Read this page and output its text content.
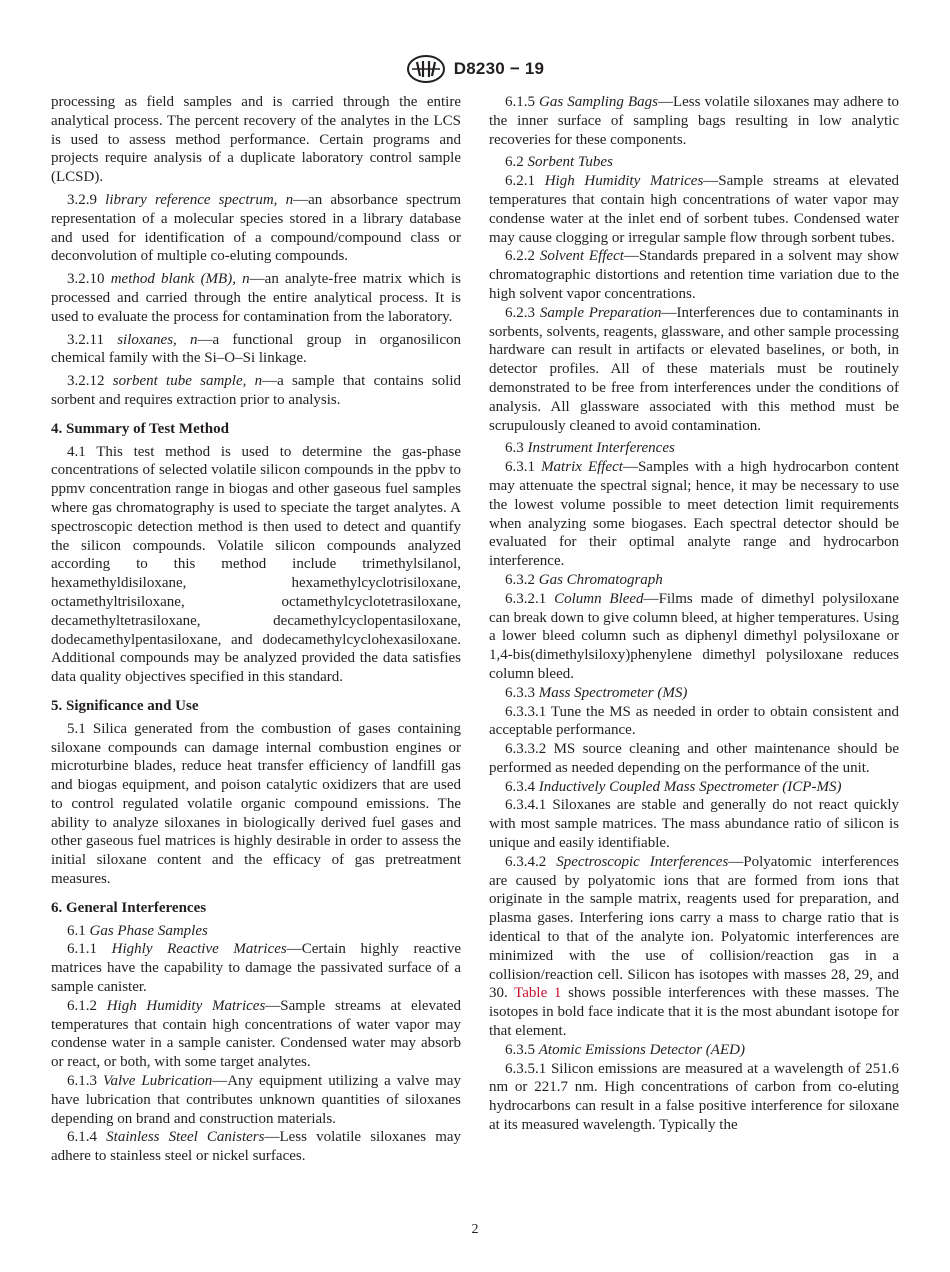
D8230 − 19

processing as field samples and is carried through the entire analytical process. The percent recovery of the analytes in the LCS is used to assess method performance. Certain programs and projects require analysis of a duplicate laboratory control sample (LCSD).

3.2.9 library reference spectrum, n—an absorbance spectrum representation of a molecular species stored in a library database and used for identification of a compound/compound class or deconvolution of multiple co-eluting compounds.

3.2.10 method blank (MB), n—an analyte-free matrix which is processed and carried through the entire analytical process. It is used to evaluate the process for contamination from the laboratory.

3.2.11 siloxanes, n—a functional group in organosilicon chemical family with the Si–O–Si linkage.

3.2.12 sorbent tube sample, n—a sample that contains solid sorbent and requires extraction prior to analysis.

4. Summary of Test Method

4.1 This test method is used to determine the gas-phase concentrations of selected volatile silicon compounds in the ppbv to ppmv concentration range in biogas and other gaseous fuel samples where gas chromatography is used to speciate the target analytes. A spectroscopic detection method is then used to detect and quantify the silicon compounds. Volatile silicon compounds analyzed according to this method include trimethylsilanol, hexamethyldisiloxane, hexamethylcyclotrisiloxane, octamethyltrisiloxane, octamethylcyclotetrasiloxane, decamethyltetrasiloxane, decamethylcyclopentasiloxane, dodecamethylpentasiloxane, and dodecamethylcyclohexasiloxane. Additional compounds may be analyzed provided the data satisfies data quality objectives specified in this standard.

5. Significance and Use

5.1 Silica generated from the combustion of gases containing siloxane compounds can damage internal combustion engines or microturbine blades, reduce heat transfer efficiency of landfill gas and biogas equipment, and poison catalytic oxidizers that are used to control regulated volatile organic compound emissions. The ability to analyze siloxanes in biologically derived fuel gases and other gaseous fuel matrices is highly desirable in order to assess the initial siloxane content and the efficacy of gas pretreatment measures.

6. General Interferences

6.1 Gas Phase Samples

6.1.1 Highly Reactive Matrices—Certain highly reactive matrices have the capability to damage the passivated surface of a sample canister.

6.1.2 High Humidity Matrices—Sample streams at elevated temperatures that contain high concentrations of water vapor may condense water in a sample canister. Condensed water may absorb or react, or both, with some target analytes.

6.1.3 Valve Lubrication—Any equipment utilizing a valve may have lubrication that contributes unknown quantities of siloxanes depending on brand and construction materials.

6.1.4 Stainless Steel Canisters—Less volatile siloxanes may adhere to stainless steel or nickel surfaces.

6.1.5 Gas Sampling Bags—Less volatile siloxanes may adhere to the inner surface of sampling bags resulting in low analytic recoveries for these components.

6.2 Sorbent Tubes

6.2.1 High Humidity Matrices—Sample streams at elevated temperatures that contain high concentrations of water vapor may condense water at the inlet end of sorbent tubes. Condensed water may cause clogging or irregular sample flow through sorbent tubes.

6.2.2 Solvent Effect—Standards prepared in a solvent may show chromatographic distortions and retention time variation due to the high solvent vapor concentrations.

6.2.3 Sample Preparation—Interferences due to contaminants in sorbents, solvents, reagents, glassware, and other sample processing hardware can result in artifacts or elevated baselines, or both, in detector profiles. All of these materials must be routinely demonstrated to be free from interferences under the conditions of analysis. All glassware associated with this method must be scrupulously cleaned to avoid contamination.

6.3 Instrument Interferences

6.3.1 Matrix Effect—Samples with a high hydrocarbon content may attenuate the spectral signal; hence, it may be necessary to use the lowest volume possible to meet detection limit requirements when analyzing some biogases. Each spectral detector should be evaluated for their optimal analyte range and hydrocarbon interference.

6.3.2 Gas Chromatograph

6.3.2.1 Column Bleed—Films made of dimethyl polysiloxane can break down to give column bleed, at higher temperatures. Using a lower bleed column such as diphenyl dimethyl polysiloxane or 1,4-bis(dimethylsiloxy)phenylene dimethyl polysiloxane reduces column bleed.

6.3.3 Mass Spectrometer (MS)

6.3.3.1 Tune the MS as needed in order to obtain consistent and acceptable performance.

6.3.3.2 MS source cleaning and other maintenance should be performed as needed depending on the performance of the unit.

6.3.4 Inductively Coupled Mass Spectrometer (ICP-MS)

6.3.4.1 Siloxanes are stable and generally do not react quickly with most sample matrices. The mass abundance ratio of silicon is unique and easily identifiable.

6.3.4.2 Spectroscopic Interferences—Polyatomic interferences are caused by polyatomic ions that are formed from ions that originate in the sample matrix, reagents used for preparation, and plasma gases. Interfering ions carry a mass to charge ratio that is identical to that of the analyte ion. Polyatomic interferences are minimized with the use of collision/reaction gas in a collision/reaction cell. Silicon has isotopes with masses 28, 29, and 30. Table 1 shows possible interferences with these masses. The isotopes in bold face indicate that it is the most abundant isotope for that element.

6.3.5 Atomic Emissions Detector (AED)

6.3.5.1 Silicon emissions are measured at a wavelength of 251.6 nm or 221.7 nm. High concentrations of carbon from co-eluting hydrocarbons can result in a false positive interference for siloxane at its measured wavelength. Typically the

2
